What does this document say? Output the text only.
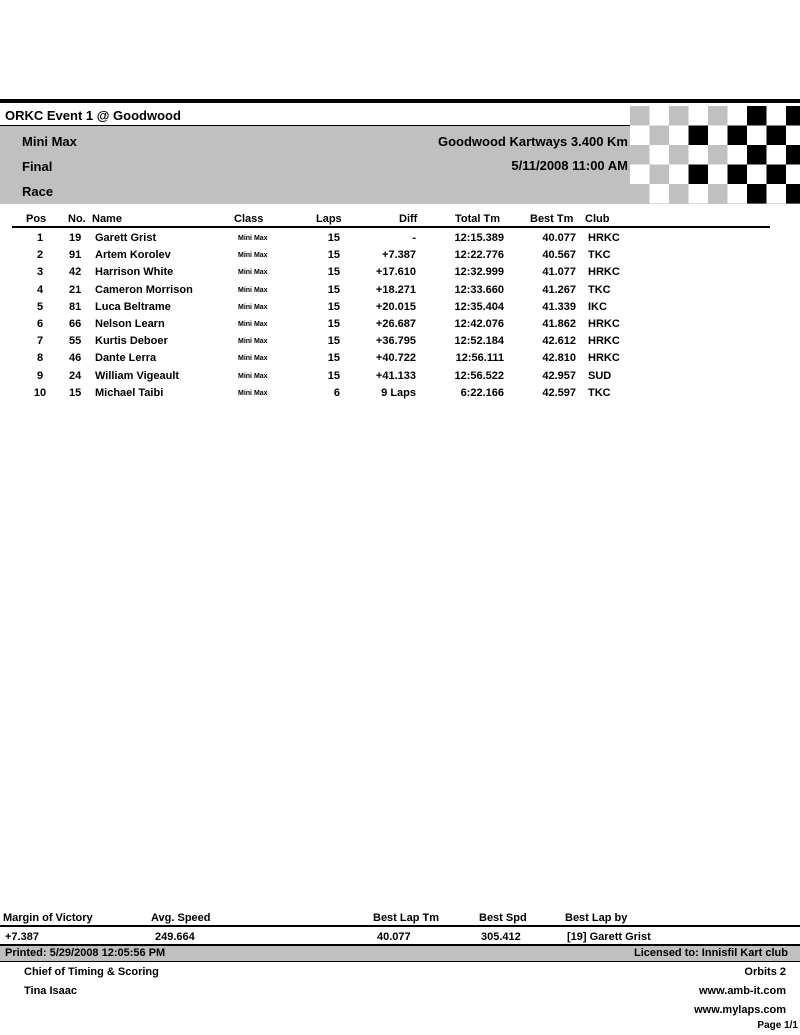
ORKC Event 1 @ Goodwood
Mini Max
Final
Race
Goodwood Kartways 3.400 Km
5/11/2008 11:00 AM
Pos No. Name	Class	Laps	Diff	Total Tm	Best Tm Club
1	19 Garett Grist	Mini Max	15	-	12:15.389	40.077 HRKC
2	91 Artem Korolev	Mini Max	15	+7.387	12:22.776	40.567 TKC
3	42 Harrison White	Mini Max	15	+17.610	12:32.999	41.077 HRKC
4	21 Cameron Morrison	Mini Max	15	+18.271	12:33.660	41.267 TKC
5	81 Luca Beltrame	Mini Max	15	+20.015	12:35.404	41.339 IKC
6	66 Nelson Learn	Mini Max	15	+26.687	12:42.076	41.862 HRKC
7	55 Kurtis Deboer	Mini Max	15	+36.795	12:52.184	42.612 HRKC
8	46 Dante Lerra	Mini Max	15	+40.722	12:56.111	42.810 HRKC
9	24 William Vigeault	Mini Max	15	+41.133	12:56.522	42.957 SUD
10 15 Michael Taibi	Mini Max	6	9 Laps	6:22.166	42.597 TKC
Margin of Victory	Avg. Speed	Best Lap Tm	Best Spd	Best Lap by
+7.387	249.664	40.077	305.412	[19] Garett Grist
Printed: 5/29/2008 12:05:56 PM	Licensed to: Innisfil Kart club
Chief of Timing & Scoring
Tina Isaac
Orbits 2
www.amb-it.com
www.mylaps.com
Page 1/1
